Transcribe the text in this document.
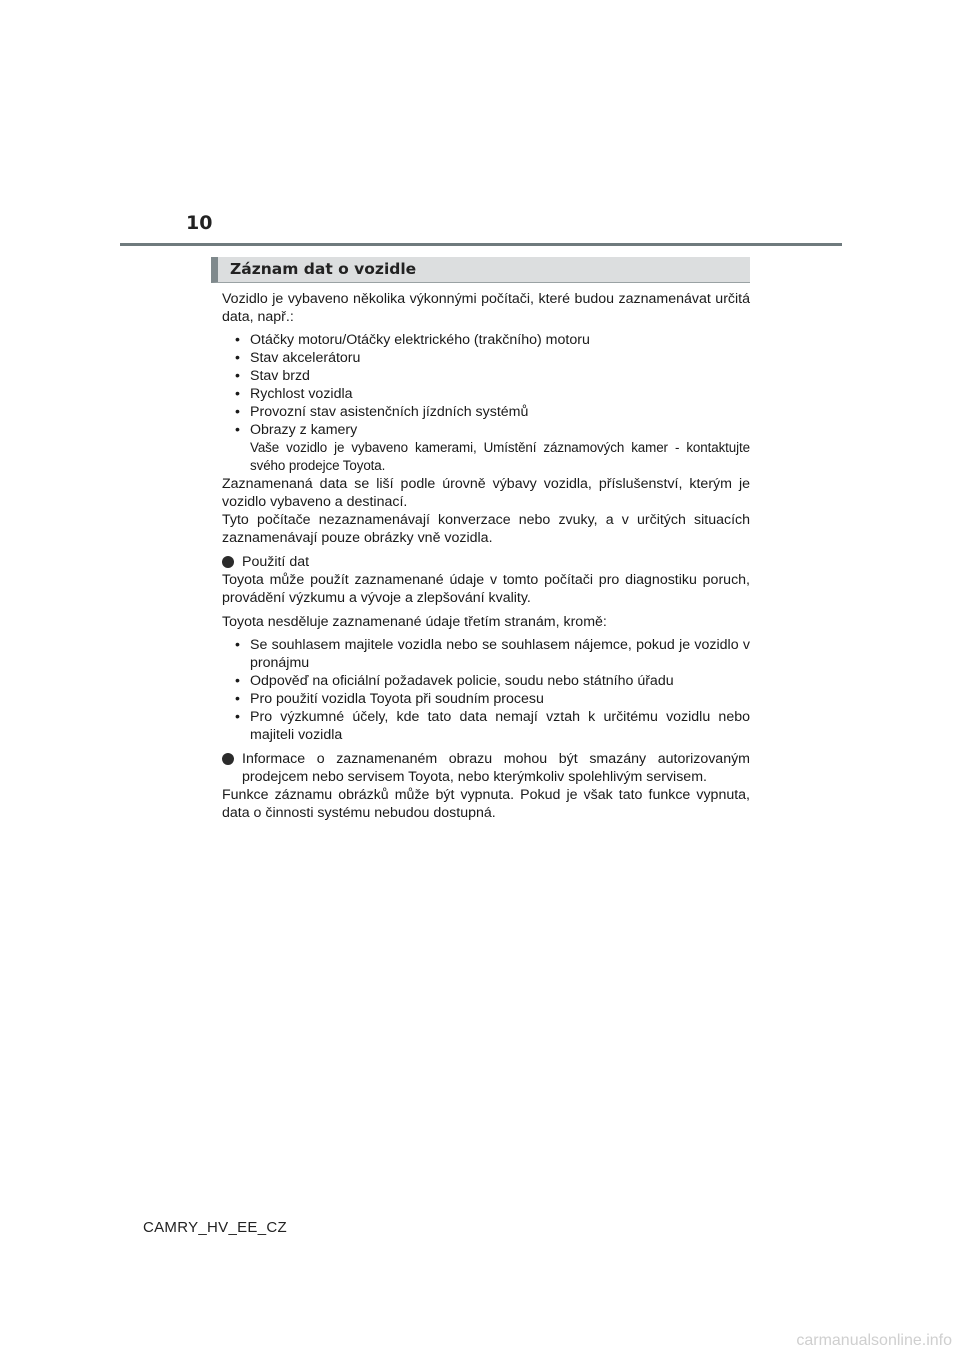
10
Záznam dat o vozidle

Vozidlo je vybaveno několika výkonnými počítači, které budou zaznamenávat určitá data, např.:

• Otáčky motoru/Otáčky elektrického (trakčního) motoru
• Stav akcelerátoru
• Stav brzd
• Rychlost vozidla
• Provozní stav asistenčních jízdních systémů
• Obrazy z kamery
Vaše vozidlo je vybaveno kamerami, Umístění záznamových kamer - kontaktujte svého prodejce Toyota.

Zaznamenaná data se liší podle úrovně výbavy vozidla, příslušenství, kterým je vozidlo vybaveno a destinací.

Tyto počítače nezaznamenávají konverzace nebo zvuky, a v určitých situacích zaznamenávají pouze obrázky vně vozidla.

Použití dat

Toyota může použít zaznamenané údaje v tomto počítači pro diagnostiku poruch, provádění výzkumu a vývoje a zlepšování kvality.

Toyota nesděluje zaznamenané údaje třetím stranám, kromě:

• Se souhlasem majitele vozidla nebo se souhlasem nájemce, pokud je vozidlo v pronájmu
• Odpověď na oficiální požadavek policie, soudu nebo státního úřadu
• Pro použití vozidla Toyota při soudním procesu
• Pro výzkumné účely, kde tato data nemají vztah k určitému vozidlu nebo majiteli vozidla
Informace o zaznamenaném obrazu mohou být smazány autorizovaným prodejcem nebo servisem Toyota, nebo kterýmkoliv spolehlivým servisem.

Funkce záznamu obrázků může být vypnuta. Pokud je však tato funkce vypnuta, data o činnosti systému nebudou dostupná.

CAMRY_HV_EE_CZ
carmanualsonline.info
